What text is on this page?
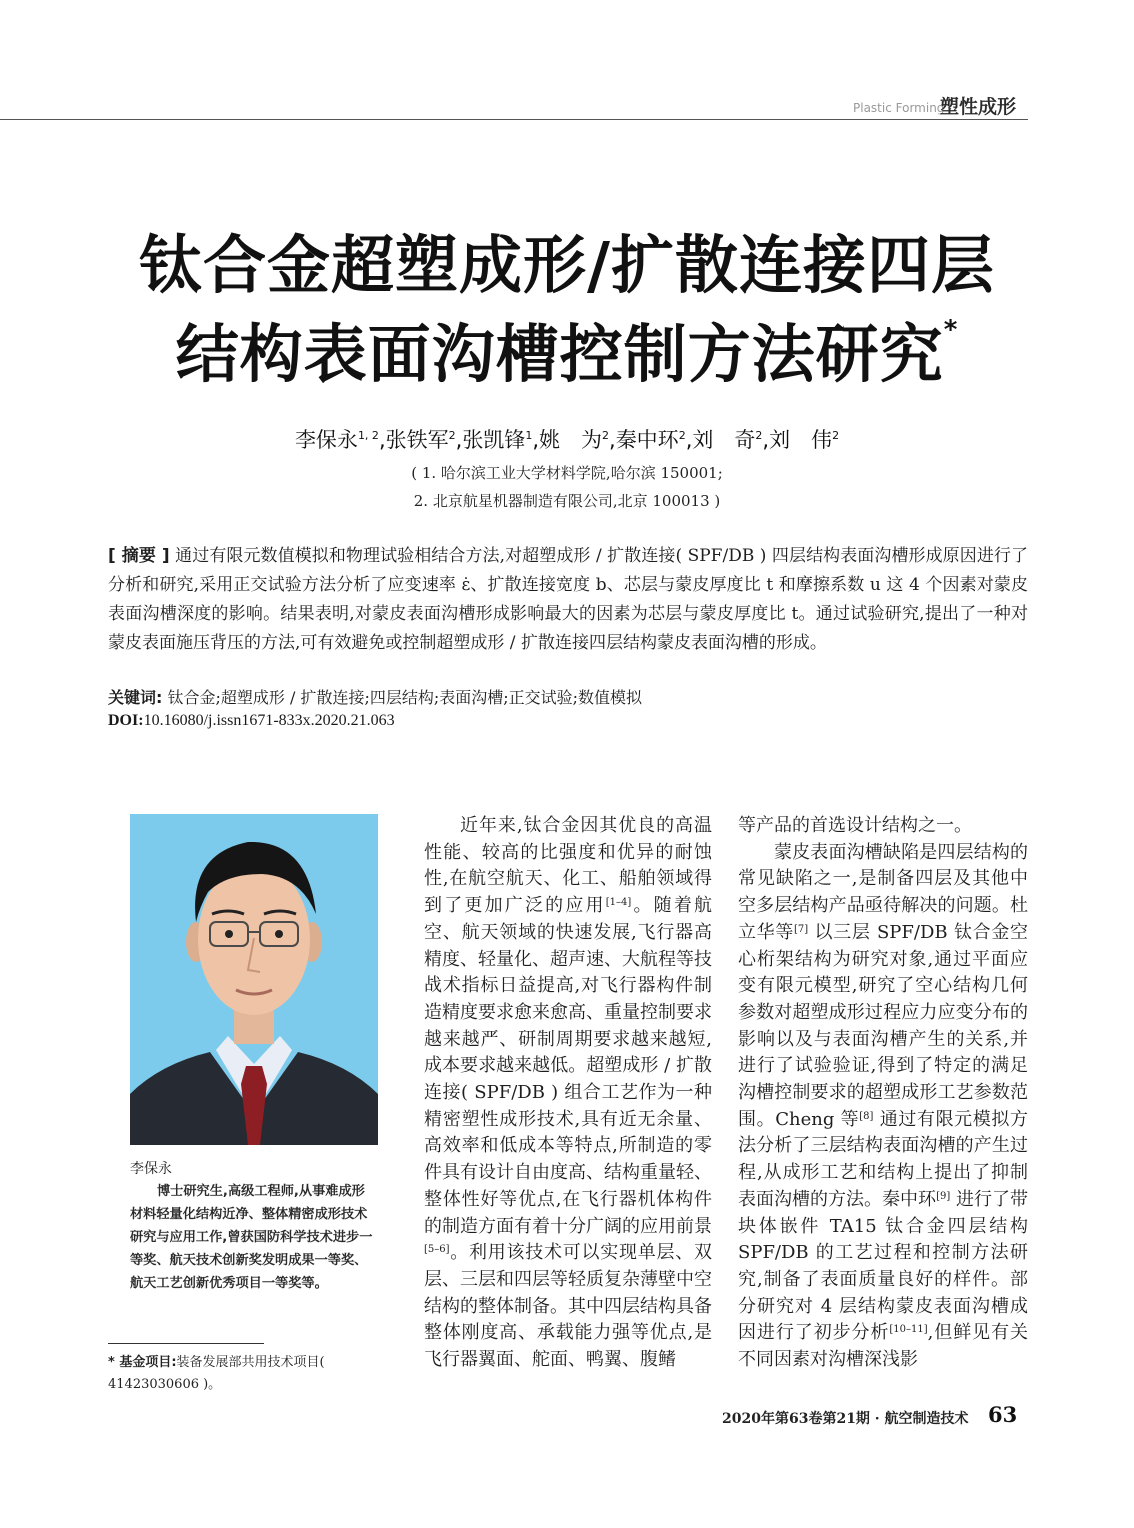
Plastic Forming
塑性成形
钛合金超塑成形/扩散连接四层
结构表面沟槽控制方法研究*
李保永$^{1, 2}$,张铁军$^2$,张凯锋$^1$,姚　为$^2$,秦中环$^2$,刘　奇$^2$,刘　伟$^2$
( 1. 哈尔滨工业大学材料学院,哈尔滨 150001;
2. 北京航星机器制造有限公司,北京 100013 )
[ 摘要 ] 通过有限元数值模拟和物理试验相结合方法,对超塑成形 / 扩散连接( SPF/DB ) 四层结构表面沟槽形成原因进行了分析和研究,采用正交试验方法分析了应变速率 ε̇、扩散连接宽度 b、芯层与蒙皮厚度比 t 和摩擦系数 u 这 4 个因素对蒙皮表面沟槽深度的影响。结果表明,对蒙皮表面沟槽形成影响最大的因素为芯层与蒙皮厚度比 t。通过试验研究,提出了一种对蒙皮表面施压背压的方法,可有效避免或控制超塑成形 / 扩散连接四层结构蒙皮表面沟槽的形成。
关键词: 钛合金;超塑成形 / 扩散连接;四层结构;表面沟槽;正交试验;数值模拟
DOI:10.16080/j.issn1671-833x.2020.21.063
李保永
博士研究生,高级工程师,从事难成形材料轻量化结构近净、整体精密成形技术研究与应用工作,曾获国防科学技术进步一等奖、航天技术创新奖发明成果一等奖、航天工艺创新优秀项目一等奖等。
* 基金项目:装备发展部共用技术项目( 41423030606 )。

近年来,钛合金因其优良的高温性能、较高的比强度和优异的耐蚀性,在航空航天、化工、船舶领域得到了更加广泛的应用[1–4]。随着航空、航天领域的快速发展,飞行器高精度、轻量化、超声速、大航程等技战术指标日益提高,对飞行器构件制造精度要求愈来愈高、重量控制要求越来越严、研制周期要求越来越短,成本要求越来越低。超塑成形 / 扩散连接( SPF/DB ) 组合工艺作为一种精密塑性成形技术,具有近无余量、高效率和低成本等特点,所制造的零件具有设计自由度高、结构重量轻、整体性好等优点,在飞行器机体构件的制造方面有着十分广阔的应用前景[5–6]。利用该技术可以实现单层、双层、三层和四层等轻质复杂薄壁中空结构的整体制备。其中四层结构具备整体刚度高、承载能力强等优点,是飞行器翼面、舵面、鸭翼、腹鳍

等产品的首选设计结构之一。

蒙皮表面沟槽缺陷是四层结构的常见缺陷之一,是制备四层及其他中空多层结构产品亟待解决的问题。杜立华等[7] 以三层 SPF/DB 钛合金空心桁架结构为研究对象,通过平面应变有限元模型,研究了空心结构几何参数对超塑成形过程应力应变分布的影响以及与表面沟槽产生的关系,并进行了试验验证,得到了特定的满足沟槽控制要求的超塑成形工艺参数范围。Cheng 等[8] 通过有限元模拟方法分析了三层结构表面沟槽的产生过程,从成形工艺和结构上提出了抑制表面沟槽的方法。秦中环[9] 进行了带块体嵌件 TA15 钛合金四层结构 SPF/DB 的工艺过程和控制方法研究,制备了表面质量良好的样件。部分研究对 4 层结构蒙皮表面沟槽成因进行了初步分析[10–11],但鲜见有关不同因素对沟槽深浅影

2020年第63卷第21期 · 航空制造技术 63
